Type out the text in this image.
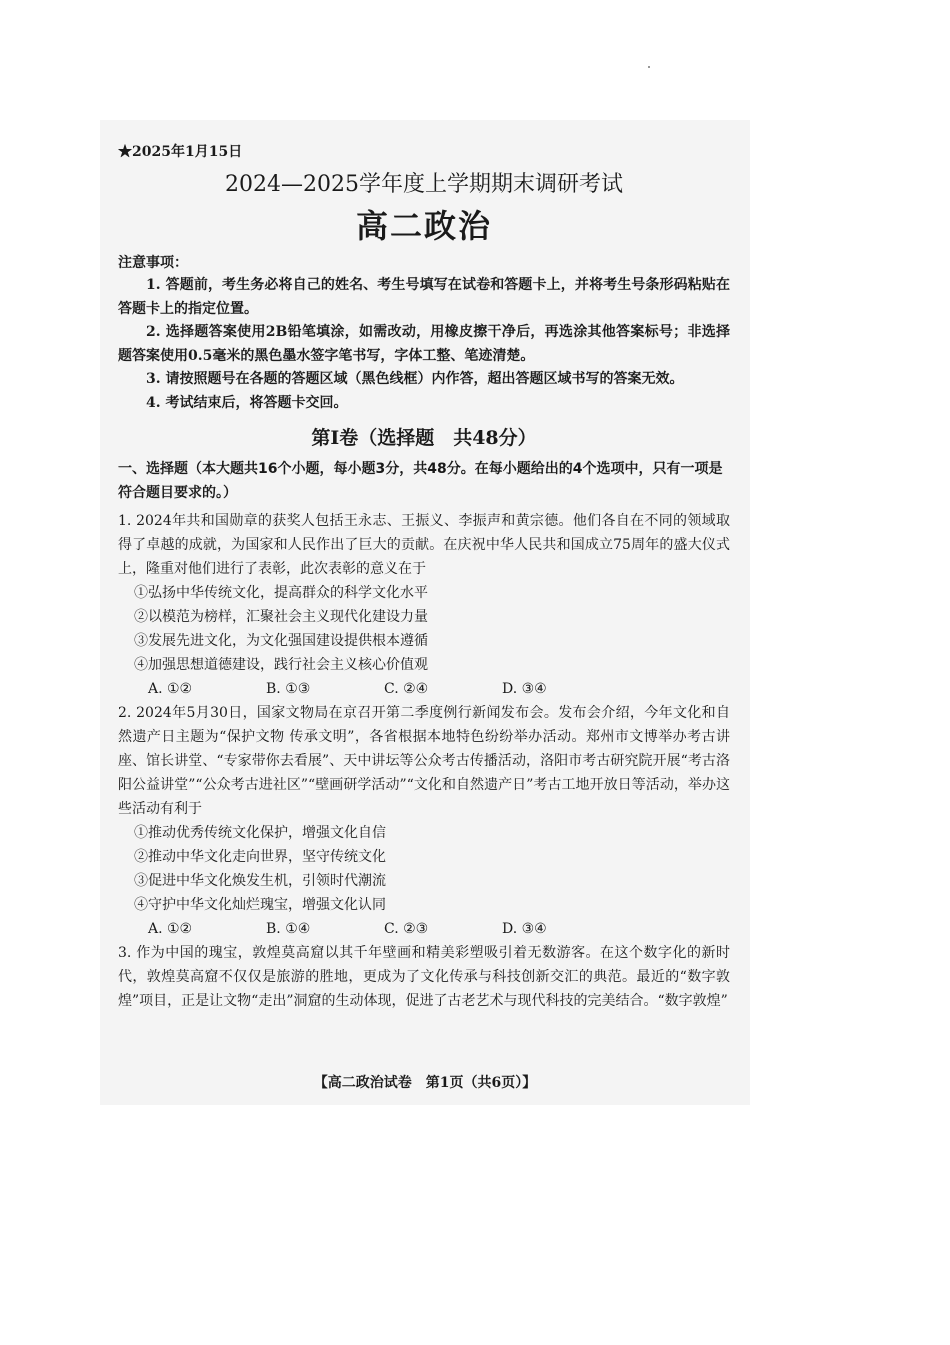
★2025年1月15日
2024—2025学年度上学期期末调研考试
高二政治
注意事项：
1. 答题前，考生务必将自己的姓名、考生号填写在试卷和答题卡上，并将考生号条形码粘贴在答题卡上的指定位置。
2. 选择题答案使用2B铅笔填涂，如需改动，用橡皮擦干净后，再选涂其他答案标号；非选择题答案使用0.5毫米的黑色墨水签字笔书写，字体工整、笔迹清楚。
3. 请按照题号在各题的答题区域（黑色线框）内作答，超出答题区域书写的答案无效。
4. 考试结束后，将答题卡交回。
第I卷（选择题　共48分）
一、选择题（本大题共16个小题，每小题3分，共48分。在每小题给出的4个选项中，只有一项是符合题目要求的。）
1. 2024年共和国勋章的获奖人包括王永志、王振义、李振声和黄宗德。他们各自在不同的领域取得了卓越的成就，为国家和人民作出了巨大的贡献。在庆祝中华人民共和国成立75周年的盛大仪式上，隆重对他们进行了表彰，此次表彰的意义在于
①弘扬中华传统文化，提高群众的科学文化水平
②以模范为榜样，汇聚社会主义现代化建设力量
③发展先进文化，为文化强国建设提供根本遵循
④加强思想道德建设，践行社会主义核心价值观
A. ①②	B. ①③	C. ②④	D. ③④
2. 2024年5月30日，国家文物局在京召开第二季度例行新闻发布会。发布会介绍，今年文化和自然遗产日主题为“保护文物 传承文明”，各省根据本地特色纷纷举办活动。郑州市文博举办考古讲座、馆长讲堂、“专家带你去看展”、天中讲坛等公众考古传播活动，洛阳市考古研究院开展“考古洛阳公益讲堂”“公众考古进社区”“壁画研学活动”“文化和自然遗产日”考古工地开放日等活动，举办这些活动有利于
①推动优秀传统文化保护，增强文化自信
②推动中华文化走向世界，坚守传统文化
③促进中华文化焕发生机，引领时代潮流
④守护中华文化灿烂瑰宝，增强文化认同
A. ①②	B. ①④	C. ②③	D. ③④
3. 作为中国的瑰宝，敦煌莫高窟以其千年壁画和精美彩塑吸引着无数游客。在这个数字化的新时代，敦煌莫高窟不仅仅是旅游的胜地，更成为了文化传承与科技创新交汇的典范。最近的“数字敦煌”项目，正是让文物“走出”洞窟的生动体现，促进了古老艺术与现代科技的完美结合。“数字敦煌”
【高二政治试卷　第1页（共6页）】
